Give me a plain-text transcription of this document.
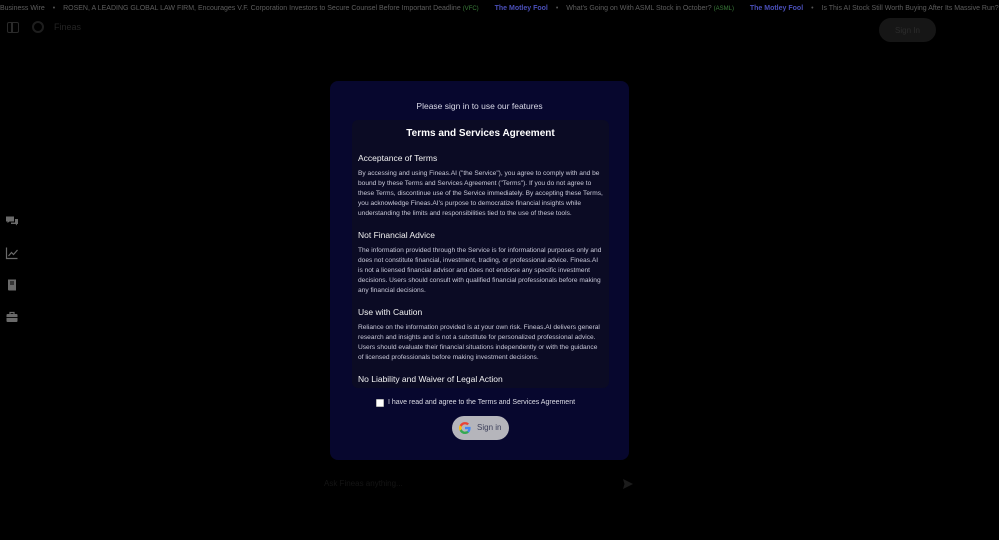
Business Wire • ROSEN, A LEADING GLOBAL LAW FIRM, Encourages V.F. Corporation Investors to Secure Counsel Before Important Deadline (VFC) The Motley Fool • What's Going on With ASML Stock in October? (ASML) The Motley Fool • Is This AI Stock Still Worth Buying After Its Massive Run?
Fineas	Sign In
Ask Fineas anything...
Please sign in to use our features
Terms and Services Agreement

Acceptance of Terms

By accessing and using Fineas.AI ("the Service"), you agree to comply with and be bound by these Terms and Services Agreement ("Terms"). If you do not agree to these Terms, discontinue use of the Service immediately. By accepting these Terms, you acknowledge Fineas.AI's purpose to democratize financial insights while understanding the limits and responsibilities tied to the use of these tools.

Not Financial Advice

The information provided through the Service is for informational purposes only and does not constitute financial, investment, trading, or professional advice. Fineas.AI is not a licensed financial advisor and does not endorse any specific investment decisions. Users should consult with qualified financial professionals before making any financial decisions.

Use with Caution

Reliance on the information provided is at your own risk. Fineas.AI delivers general research and insights and is not a substitute for personalized professional advice. Users should evaluate their financial situations independently or with the guidance of licensed professionals before making investment decisions.

No Liability and Waiver of Legal Action

I have read and agree to the Terms and Services Agreement
Sign in
